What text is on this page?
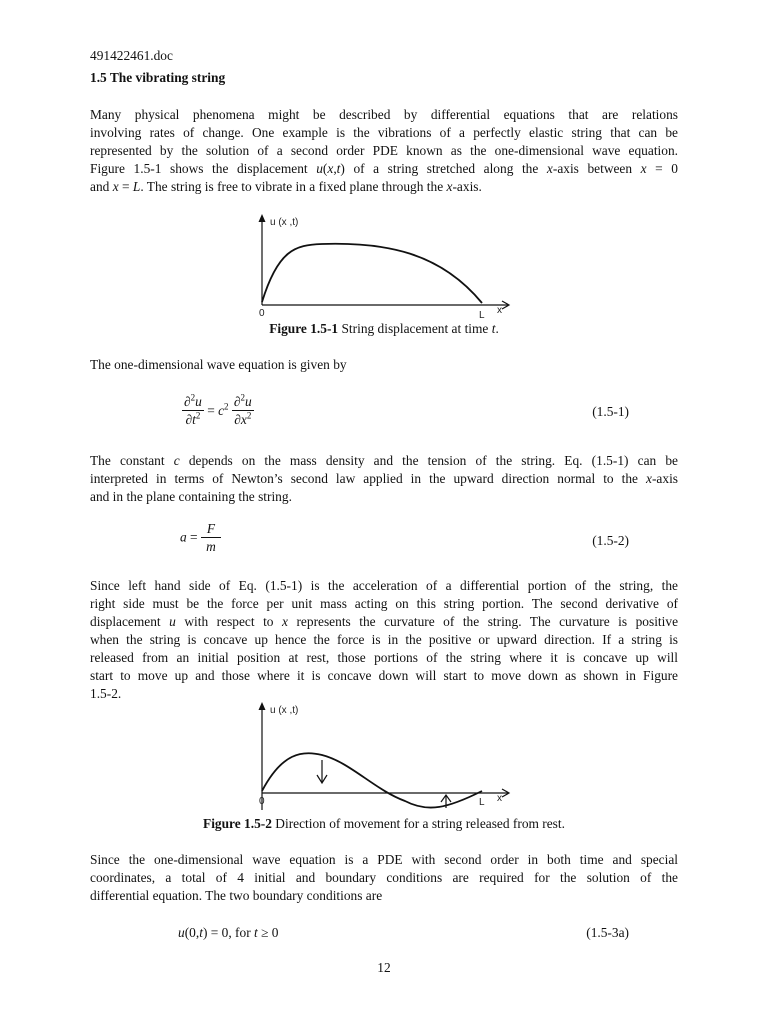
491422461.doc
1.5 The vibrating string

Many physical phenomena might be described by differential equations that are relations
involving rates of change. One example is the vibrations of a perfectly elastic string that can be
represented by the solution of a second order PDE known as the one-dimensional wave equation.
Figure 1.5-1 shows the displacement u(x,t) of a string stretched along the x-axis between x = 0
and x = L. The string is free to vibrate in a fixed plane through the x-axis.

u (x ,t)
0	L x
Figure 1.5-1 String displacement at time t.
The one-dimensional wave equation is given by
$\frac{\partial^2u}{\partial t^2} = c^2 \frac{\partial^2u}{\partial x^2}$	(1.5-1)

The constant c depends on the mass density and the tension of the string. Eq. (1.5-1) can be
interpreted in terms of Newton’s second law applied in the upward direction normal to the x-axis
and in the plane containing the string.

$a = \frac{F}{m}$	(1.5-2)

Since left hand side of Eq. (1.5-1) is the acceleration of a differential portion of the string, the
right side must be the force per unit mass acting on this string portion. The second derivative of
displacement u with respect to x represents the curvature of the string. The curvature is positive
when the string is concave up hence the force is in the positive or upward direction. If a string is
released from an initial position at rest, those portions of the string where it is concave up will
start to move up and those where it is concave down will start to move down as shown in Figure
1.5-2.

u (x ,t)
0	L x
Figure 1.5-2 Direction of movement for a string released from rest.

Since the one-dimensional wave equation is a PDE with second order in both time and special
coordinates, a total of 4 initial and boundary conditions are required for the solution of the
differential equation. The two boundary conditions are

u(0,t) = 0, for t ≥ 0	(1.5-3a)
12
